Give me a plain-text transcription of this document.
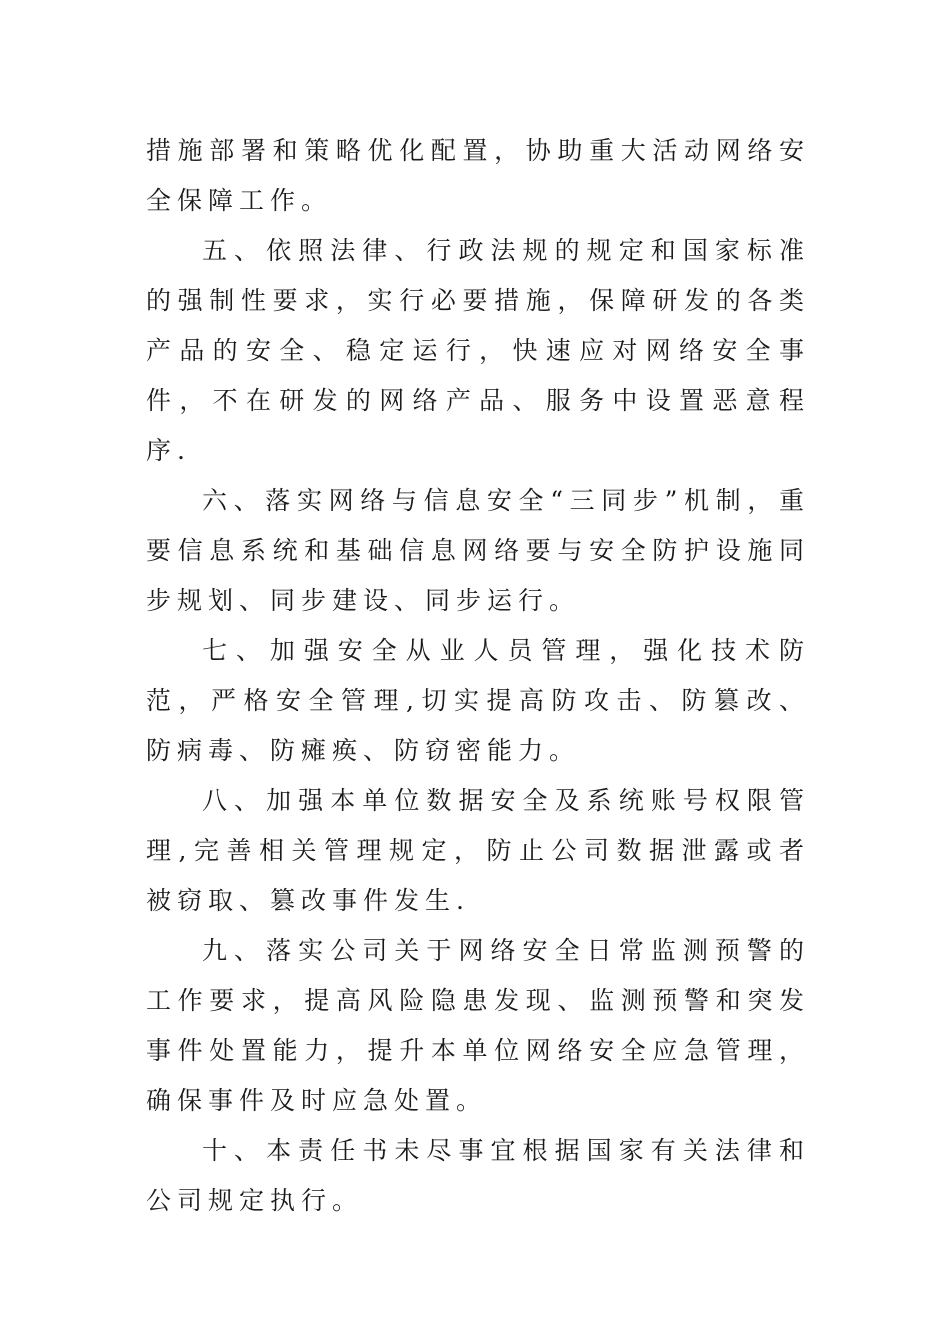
措施部署和策略优化配置，协助重大活动网络安全保障工作。

五、依照法律、行政法规的规定和国家标准的强制性要求，实行必要措施，保障研发的各类产品的安全、稳定运行，快速应对网络安全事件，不在研发的网络产品、服务中设置恶意程序.

六、落实网络与信息安全“三同步”机制，重要信息系统和基础信息网络要与安全防护设施同步规划、同步建设、同步运行。

七、加强安全从业人员管理，强化技术防范，严格安全管理,切实提高防攻击、防篡改、防病毒、防瘫痪、防窃密能力。

八、加强本单位数据安全及系统账号权限管理,完善相关管理规定，防止公司数据泄露或者被窃取、篡改事件发生.

九、落实公司关于网络安全日常监测预警的工作要求，提高风险隐患发现、监测预警和突发事件处置能力，提升本单位网络安全应急管理，确保事件及时应急处置。

十、本责任书未尽事宜根据国家有关法律和公司规定执行。
